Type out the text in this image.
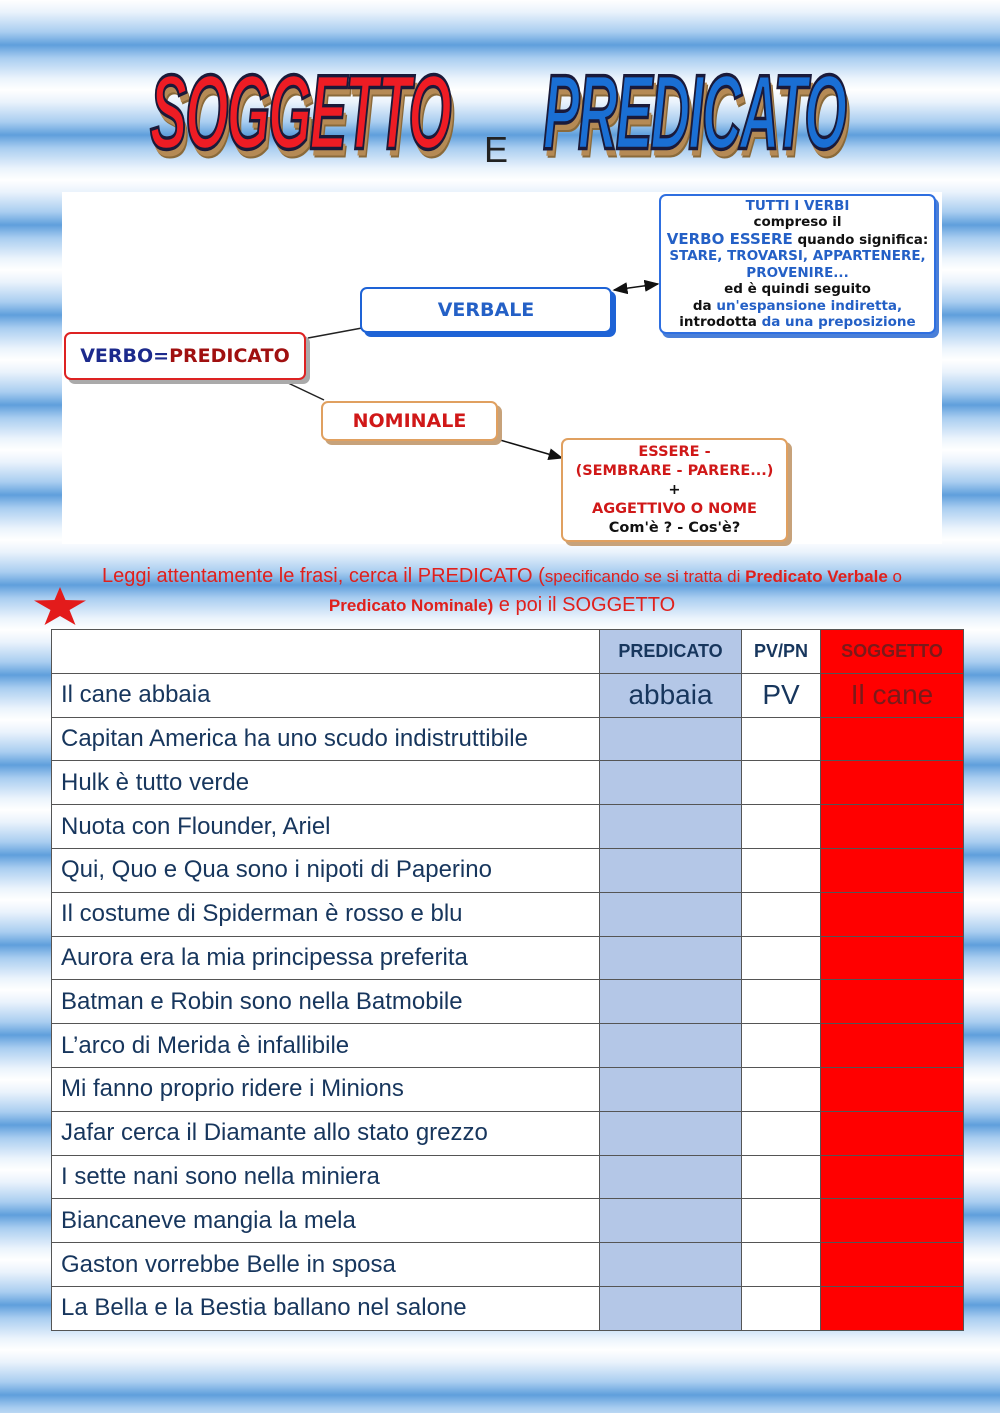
SOGGETTO E PREDICATO
VERBO= PREDICATO
VERBALE
NOMINALE
TUTTI I VERBI
compreso il
VERBO ESSERE quando significa:
STARE, TROVARSI, APPARTENERE,
PROVENIRE...
ed è quindi seguito
da un'espansione indiretta,
introdotta da una preposizione
ESSERE -
(SEMBRARE - PARERE...)
+
AGGETTIVO O NOME
Com'è ? - Cos'è?
Leggi attentamente le frasi, cerca il PREDICATO (specificando se si tratta di Predicato Verbale o Predicato Nominale) e poi il SOGGETTO
	PREDICATO	PV/PN	SOGGETTO
Il cane abbaia	abbaia	PV	Il cane
Capitan America ha uno scudo indistruttibile			
Hulk è tutto verde			
Nuota con Flounder, Ariel			
Qui, Quo e Qua sono i nipoti di Paperino			
Il costume di Spiderman è rosso e blu			
Aurora era la mia principessa preferita			
Batman e Robin sono nella Batmobile			
L’arco di Merida è infallibile			
Mi fanno proprio ridere i Minions			
Jafar cerca il Diamante allo stato grezzo			
I sette nani sono nella miniera			
Biancaneve mangia la mela			
Gaston vorrebbe Belle in sposa			
La Bella e la Bestia ballano nel salone			
